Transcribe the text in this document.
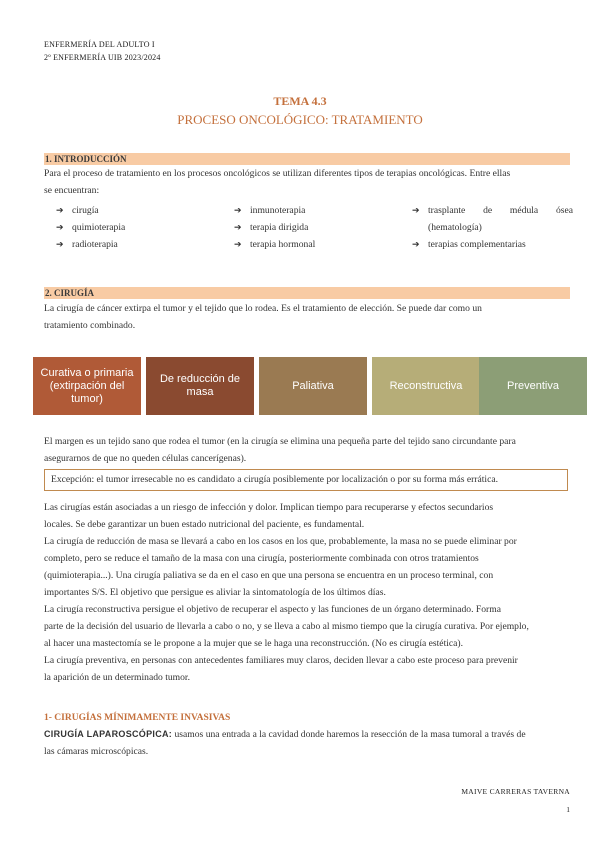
ENFERMERÍA DEL ADULTO I
2º ENFERMERÍA UIB 2023/2024
TEMA 4.3
PROCESO ONCOLÓGICO: TRATAMIENTO
1. INTRODUCCIÓN
Para el proceso de tratamiento en los procesos oncológicos se utilizan diferentes tipos de terapias oncológicas. Entre ellas
se encuentran:
➔ cirugía
➔ quimioterapia
➔ radioterapia
➔ inmunoterapia
➔ terapia dirigida
➔ terapia hormonal
➔ trasplante de médula ósea
(hematología)
➔ terapias complementarias
2. CIRUGÍA
La cirugía de cáncer extirpa el tumor y el tejido que lo rodea. Es el tratamiento de elección. Se puede dar como un
tratamiento combinado.
Curativa o primaria (extirpación del tumor)
De reducción de masa
Paliativa	Reconstructiva	Preventiva
El margen es un tejido sano que rodea el tumor (en la cirugía se elimina una pequeña parte del tejido sano circundante para
asegurarnos de que no queden células cancerígenas).
Excepción: el tumor irresecable no es candidato a cirugía posiblemente por localización o por su forma más errática.
Las cirugías están asociadas a un riesgo de infección y dolor. Implican tiempo para recuperarse y efectos secundarios
locales. Se debe garantizar un buen estado nutricional del paciente, es fundamental.
La cirugía de reducción de masa se llevará a cabo en los casos en los que, probablemente, la masa no se puede eliminar por
completo, pero se reduce el tamaño de la masa con una cirugía, posteriormente combinada con otros tratamientos
(quimioterapia...). Una cirugía paliativa se da en el caso en que una persona se encuentra en un proceso terminal, con
importantes S/S. El objetivo que persigue es aliviar la sintomatología de los últimos días.
La cirugía reconstructiva persigue el objetivo de recuperar el aspecto y las funciones de un órgano determinado. Forma
parte de la decisión del usuario de llevarla a cabo o no, y se lleva a cabo al mismo tiempo que la cirugía curativa. Por ejemplo,
al hacer una mastectomía se le propone a la mujer que se le haga una reconstrucción. (No es cirugía estética).
La cirugía preventiva, en personas con antecedentes familiares muy claros, deciden llevar a cabo este proceso para prevenir
la aparición de un determinado tumor.
1- CIRUGÍAS MÍNIMAMENTE INVASIVAS
CIRUGÍA LAPAROSCÓPICA: usamos una entrada a la cavidad donde haremos la resección de la masa tumoral a través de
las cámaras microscópicas.
MAIVE CARRERAS TAVERNA
1
